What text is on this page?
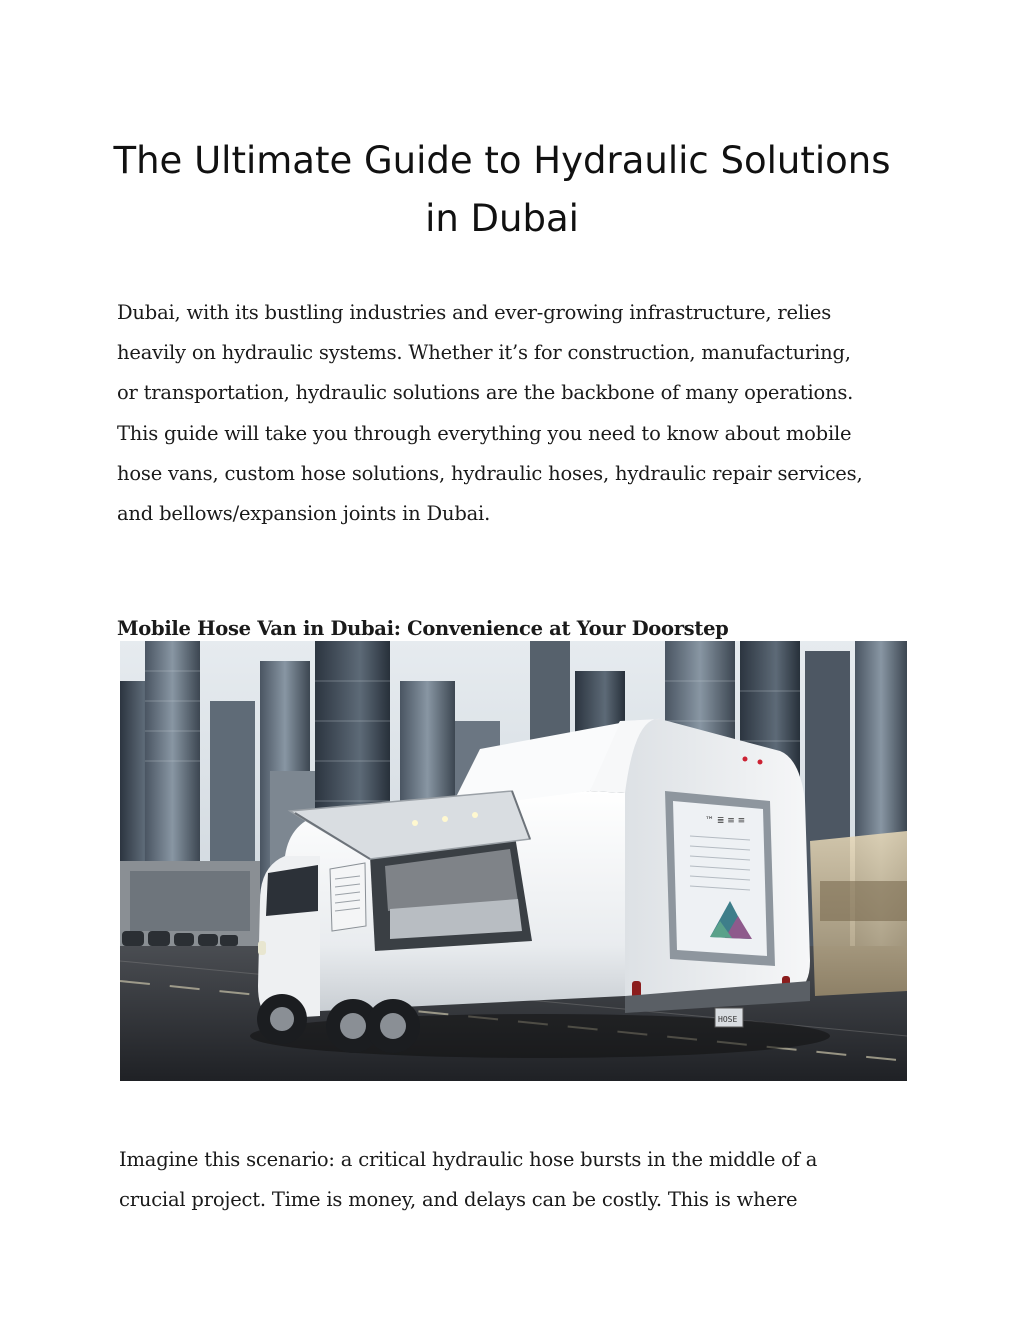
The Ultimate Guide to Hydraulic Solutions
in Dubai
Dubai, with its bustling industries and ever-growing infrastructure, relies
heavily on hydraulic systems. Whether it’s for construction, manufacturing,
or transportation, hydraulic solutions are the backbone of many operations.
This guide will take you through everything you need to know about mobile
hose vans, custom hose solutions, hydraulic hoses, hydraulic repair services,
and bellows/expansion joints in Dubai.
Mobile Hose Van in Dubai: Convenience at Your Doorstep
™ ≣ ≡ ≡
HOSE
Imagine this scenario: a critical hydraulic hose bursts in the middle of a
crucial project. Time is money, and delays can be costly. This is where
